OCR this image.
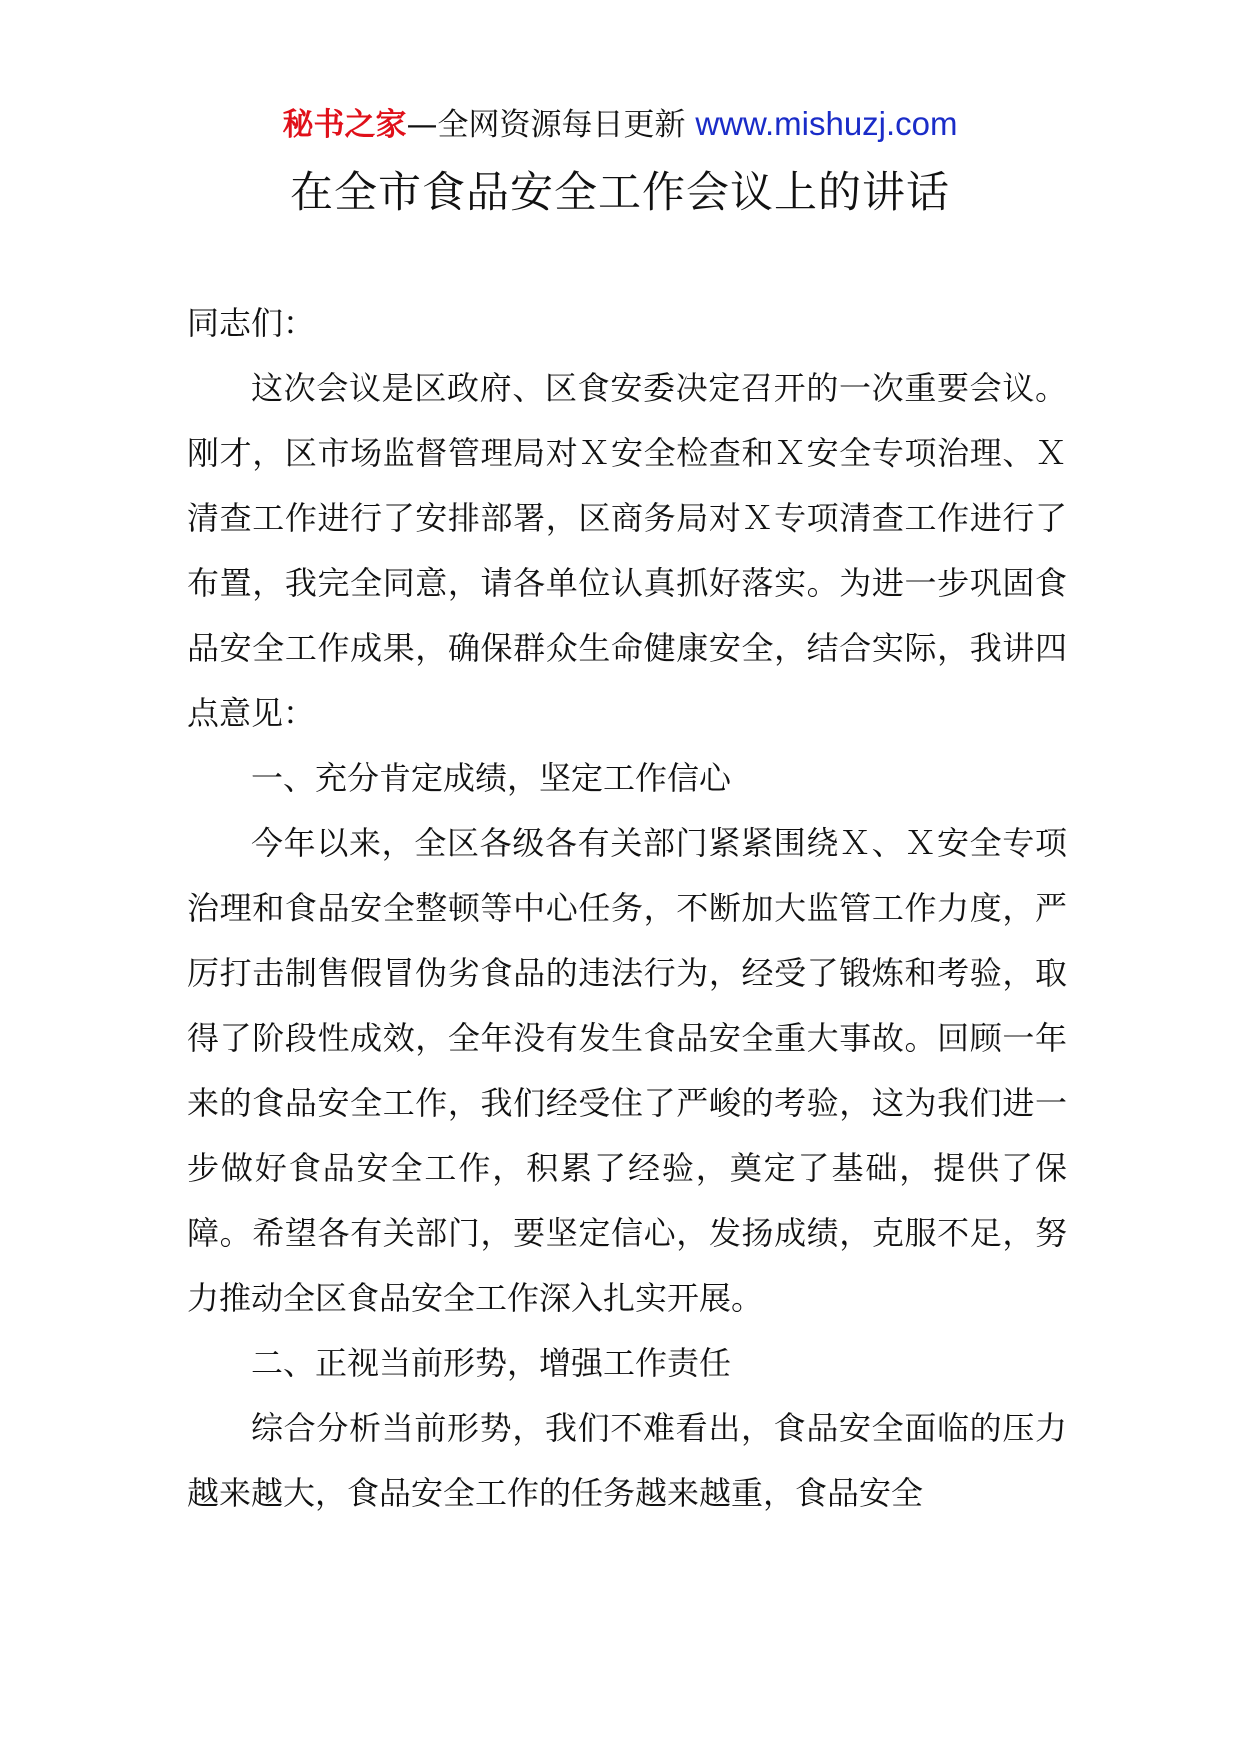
秘书之家—全网资源每日更新 www.mishuzj.com
在全市食品安全工作会议上的讲话

同志们：

这次会议是区政府、区食安委决定召开的一次重要会议。刚才，区市场监督管理局对Ｘ安全检查和Ｘ安全专项治理、Ｘ清查工作进行了安排部署，区商务局对Ｘ专项清查工作进行了布置，我完全同意，请各单位认真抓好落实。为进一步巩固食品安全工作成果，确保群众生命健康安全，结合实际，我讲四点意见：

一、充分肯定成绩，坚定工作信心

今年以来，全区各级各有关部门紧紧围绕Ｘ、Ｘ安全专项治理和食品安全整顿等中心任务，不断加大监管工作力度，严厉打击制售假冒伪劣食品的违法行为，经受了锻炼和考验，取得了阶段性成效，全年没有发生食品安全重大事故。回顾一年来的食品安全工作，我们经受住了严峻的考验，这为我们进一步做好食品安全工作，积累了经验，奠定了基础，提供了保障。希望各有关部门，要坚定信心，发扬成绩，克服不足，努力推动全区食品安全工作深入扎实开展。

二、正视当前形势，增强工作责任

综合分析当前形势，我们不难看出，食品安全面临的压力越来越大，食品安全工作的任务越来越重，食品安全
